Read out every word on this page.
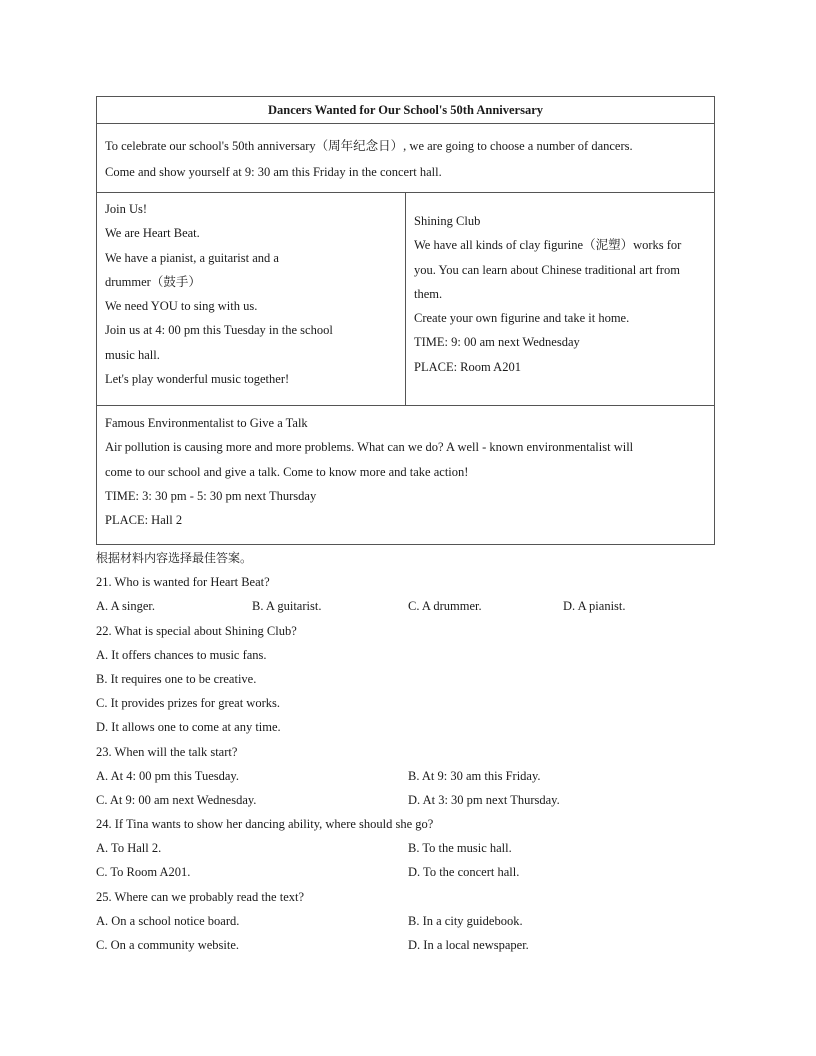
Dancers Wanted for Our School's 50th Anniversary

To celebrate our school's 50th anniversary（周年纪念日）, we are going to choose a number of dancers.
Come and show yourself at 9: 30 am this Friday in the concert hall.

Join Us!
We are Heart Beat.
We have a pianist, a guitarist and a
drummer（鼓手）
We need YOU to sing with us.
Join us at 4: 00 pm this Tuesday in the school
music hall.
Let's play wonderful music together!

Shining Club
We have all kinds of clay figurine（泥塑）works for
you. You can learn about Chinese traditional art from
them.
Create your own figurine and take it home.
TIME: 9: 00 am next Wednesday
PLACE: Room A201

Famous Environmentalist to Give a Talk
Air pollution is causing more and more problems. What can we do? A well - known environmentalist will
come to our school and give a talk. Come to know more and take action!
TIME: 3: 30 pm - 5: 30 pm next Thursday
PLACE: Hall 2
根据材料内容选择最佳答案。
21. Who is wanted for Heart Beat?
A. A singer.	B. A guitarist.	C. A drummer.	D. A pianist.
22. What is special about Shining Club?
A. It offers chances to music fans.
B. It requires one to be creative.
C. It provides prizes for great works.
D. It allows one to come at any time.
23. When will the talk start?
A. At 4: 00 pm this Tuesday.	B. At 9: 30 am this Friday.
C. At 9: 00 am next Wednesday.	D. At 3: 30 pm next Thursday.
24. If Tina wants to show her dancing ability, where should she go?
A. To Hall 2.	B. To the music hall.
C. To Room A201.	D. To the concert hall.
25. Where can we probably read the text?
A. On a school notice board.	B. In a city guidebook.
C. On a community website.	D. In a local newspaper.
